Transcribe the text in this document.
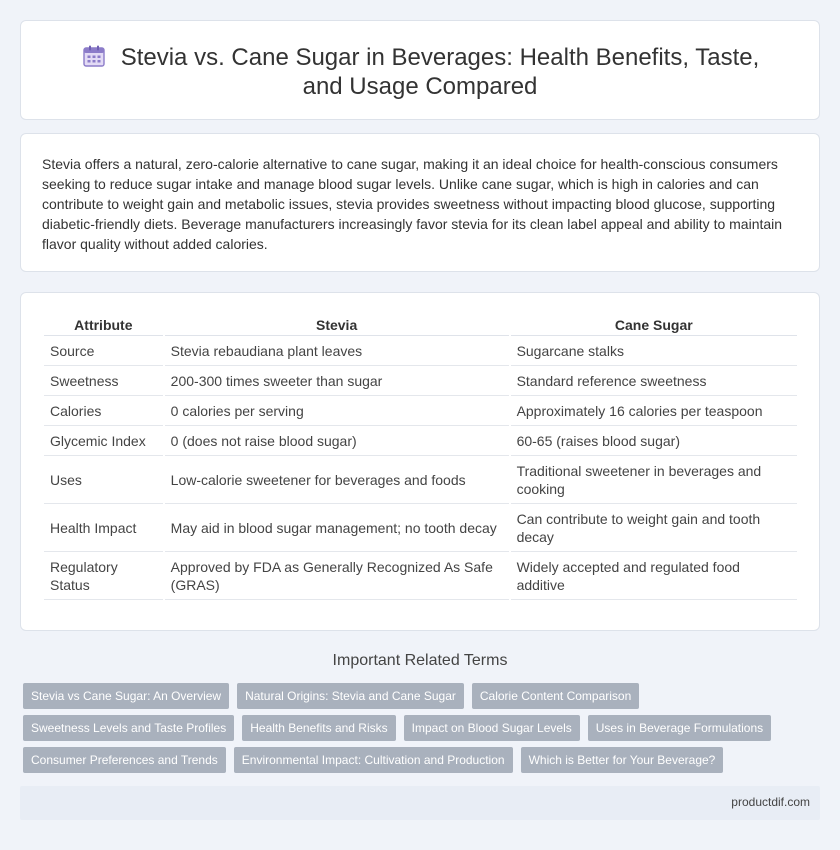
Stevia vs. Cane Sugar in Beverages: Health Benefits, Taste, and Usage Compared

Stevia offers a natural, zero-calorie alternative to cane sugar, making it an ideal choice for health-conscious consumers seeking to reduce sugar intake and manage blood sugar levels. Unlike cane sugar, which is high in calories and can contribute to weight gain and metabolic issues, stevia provides sweetness without impacting blood glucose, supporting diabetic-friendly diets. Beverage manufacturers increasingly favor stevia for its clean label appeal and ability to maintain flavor quality without added calories.

Attribute	Stevia	Cane Sugar
Source	Stevia rebaudiana plant leaves	Sugarcane stalks
Sweetness	200-300 times sweeter than sugar	Standard reference sweetness
Calories	0 calories per serving	Approximately 16 calories per teaspoon
Glycemic Index	0 (does not raise blood sugar)	60-65 (raises blood sugar)
Uses	Low-calorie sweetener for beverages and foods	Traditional sweetener in beverages and cooking
Health Impact	May aid in blood sugar management; no tooth decay	Can contribute to weight gain and tooth decay
Regulatory Status	Approved by FDA as Generally Recognized As Safe (GRAS)	Widely accepted and regulated food additive
Important Related Terms
Stevia vs Cane Sugar: An Overview	Natural Origins: Stevia and Cane Sugar	Calorie Content Comparison
Sweetness Levels and Taste Profiles	Health Benefits and Risks	Impact on Blood Sugar Levels	Uses in Beverage Formulations
Consumer Preferences and Trends	Environmental Impact: Cultivation and Production	Which is Better for Your Beverage?
productdif.com
